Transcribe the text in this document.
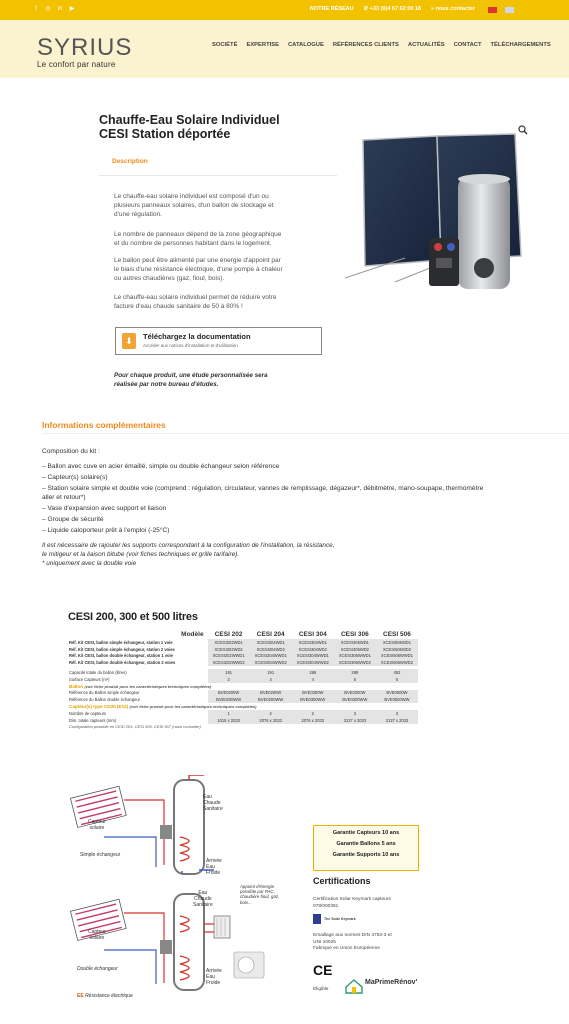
f	◎ in ▶	NOTRE RÉSEAU ✆ +33 (0)4 67 62 00 18 » nous contacter
SYRIUS
Le confort par nature
SOCIÉTÉ EXPERTISE CATALOGUE RÉFÉRENCES CLIENTS ACTUALITÉS CONTACT TÉLÉCHARGEMENTS
Chauffe-Eau Solaire Individuel
CESI Station déportée
Description
Le chauffe-eau solaire individuel est composé d'un ou
plusieurs panneaux solaires, d'un ballon de stockage et
d'une régulation.
Le nombre de panneaux dépend de la zone géographique
et du nombre de personnes habitant dans le logement.
Le ballon peut être alimenté par une énergie d'appoint par
le biais d'une résistance électrique, d'une pompe à chaleur
ou autres chaudières (gaz, fioul, bois).
Le chauffe-eau solaire individuel permet de réduire votre
facture d'eau chaude sanitaire de 50 à 80% !
⬇	Téléchargez la documentation
Accéder aux notices d'installation et d'utilisation
Pour chaque produit, une étude personnalisée sera
réalisée par notre bureau d'études.
Informations complémentaires
Composition du kit :
– Ballon avec cuve en acier émaillé, simple ou double échangeur selon référence
– Capteur(s) solaire(s)
– Station solaire simple et double voie (comprend : régulation, circulateur, vannes de remplissage, dégazeur*, débitmètre, mano-soupape, thermomètre
aller et retour*)
– Vase d'expansion avec support et liaison
– Groupe de sécurité
– Liquide caloporteur prêt à l'emploi (-25°C)
Il est nécessaire de rajouter les supports correspondant à la configuration de l'installation, la résistance,
le mitigeur et la liaison bitube (voir fiches techniques et grille tarifaire).
* uniquement avec la double voie
CESI 200, 300 et 500 litres
Modèle	CESI 202	CESI 204	CESI 304	CESI 306	CESI 506
Réf. Kit CESI, ballon simple échangeur, station 1 voie	XCESI202WD1	XCESI204WD1	XCESI304WD1	XCESI306WD1	XCESI506WD1
Réf. Kit CESI, ballon simple échangeur, station 2 voies	XCESI202WD2	XCESI204WD2	XCESI304WD2	XCESI306WD2	XCESI506WD2
Réf. Kit CESI, ballon double échangeur, station 1 voie	XCESI202WWD1	XCESI204WWD1	XCESI304WWD1	XCESI306WWD1	XCESI506WWD1
Réf. Kit CESI, ballon double échangeur, station 2 voies	XCESI202WWD2	XCESI204WWD2	XCESI304WWD2	XCESI306WWD2	XCESI506WWD2

Capacité totale du ballon (litres)	191	191	289	289	452
Surface Capteurs (m²)	2	4	4	6	6
Ballon (voir fiche produit pour les caractéristiques techniques complètes)					
Référence du Ballon simple échangeur	BVE0200W	BVE0200W	BVE0300W	BVE0300W	BVE0500W
Référence du Ballon double échangeur	BVE0200WW	BVE0200WW	BVE0300WW	BVE0300WW	BVE0500WW
Capteur(s) type CD20 (E12) (voir fiche produit pour les caractéristiques techniques complètes)					
Nombre de capteurs	1	2	2	3	3
Dim. totale capteurs (mm)	1015 x 2033	2076 x 2033	2076 x 2033	3137 x 2033	3137 x 2033
Configuration possible en CESI 203, CESI 305, CESI 507 (nous consulter)					
Eau
Chaude
Sanitaire
Capteur
solaire
Simple échangeur
Arrivée
Eau
Froide
Eau
Chaude
Sanitaire
Appoint d'énergie
possible par PAC,
chaudière fioul, gaz,
bois...
Capteur
solaire
Double échangeur	Arrivée
Eau
Froide
EE Résistance électrique
Garantie Capteurs 10 ans
Garantie Ballons 5 ans
Garantie Supports 10 ans
Certifications
Certification Solar Keymark capteurs
078/000381
The Solar Keymark
Emaillage aux normes DIN 4753-3 et
UNI 10025
Fabriqué en Union Européenne
CE
MaPrimeRénov'
Eligible
